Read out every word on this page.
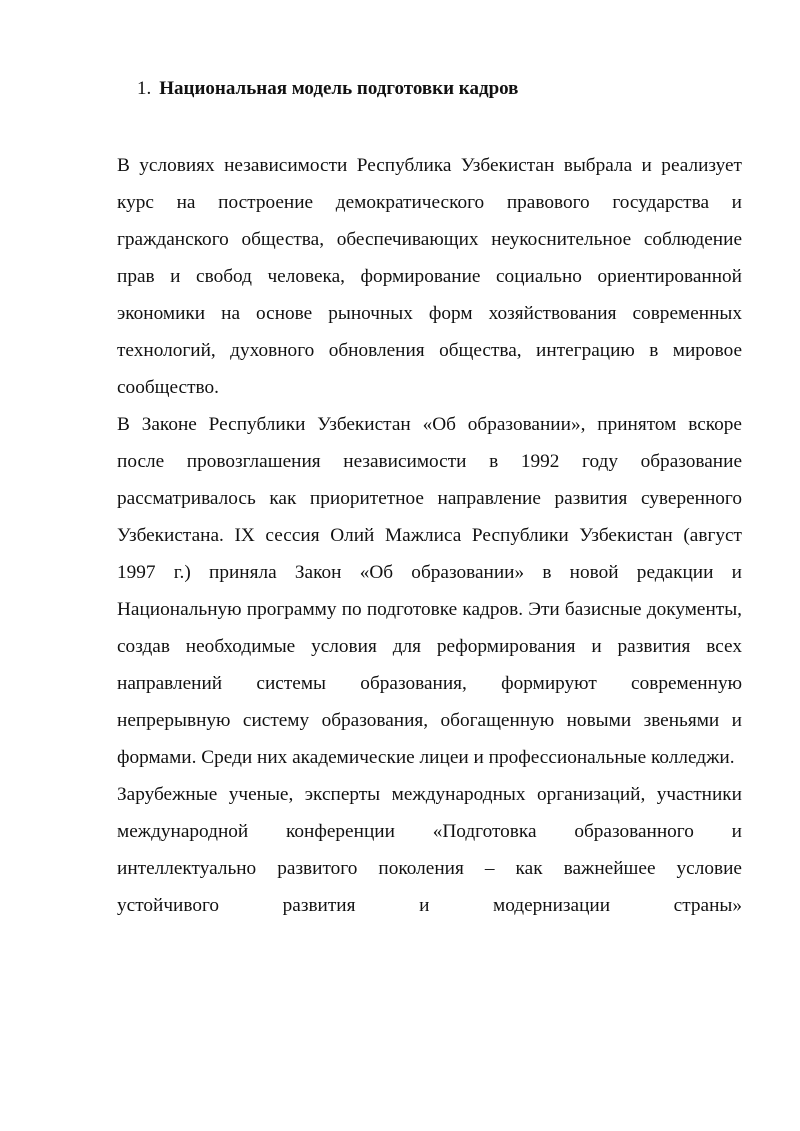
1. Национальная модель подготовки кадров

В условиях независимости Республика Узбекистан выбрала и реализует курс на построение демократического правового государства и гражданского общества, обеспечивающих неукоснительное соблюдение прав и свобод человека, формирование социально ориентированной экономики на основе рыночных форм хозяйствования современных технологий, духовного обновления общества, интеграцию в мировое сообщество.

В Законе Республики Узбекистан «Об образовании», принятом вскоре после провозглашения независимости в 1992 году образование рассматривалось как приоритетное направление развития суверенного Узбекистана. IX сессия Олий Мажлиса Республики Узбекистан (август 1997 г.) приняла Закон «Об образовании» в новой редакции и Национальную программу по подготовке кадров. Эти базисные документы, создав необходимые условия для реформирования и развития всех направлений системы образования, формируют современную непрерывную систему образования, обогащенную новыми звеньями и формами. Среди них академические лицеи и профессиональные колледжи.

Зарубежные ученые, эксперты международных организаций, участники международной конференции «Подготовка образованного и интеллектуально развитого поколения – как важнейшее условие устойчивого развития и модернизации страны»
